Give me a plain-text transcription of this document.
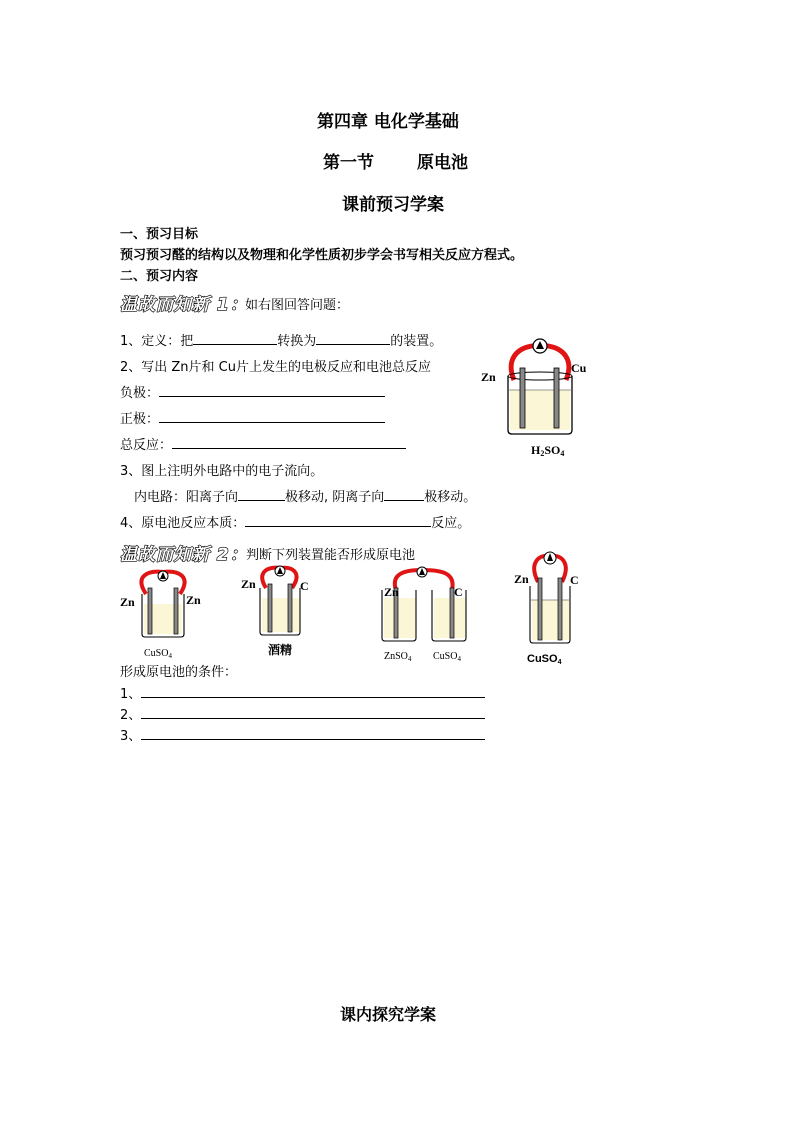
第四章 电化学基础
第一节	原电池
课前预习学案
一、预习目标
预习预习醛的结构以及物理和化学性质初步学会书写相关反应方程式。
二、预习内容
温故而知新 1：
如右图回答问题：
1、定义：把	转换为	的装置。
2、写出 Zn片和 Cu片上发生的电极反应和电池总反应
负极：
正极：
总反应：
3、图上注明外电路中的电子流向。
内电路：阳离子向	极移动, 阴离子向	极移动。
4、原电池反应本质：	反应。
Zn
Cu
H2SO4
温故而知新 2：
判断下列装置能否形成原电池
Zn	Zn
CuSO$_4$
Zn	C
酒精
Zn	C
ZnSO$_4$ CuSO$_4$
Zn	C
CuSO4
形成原电池的条件：
1、
2、
3、
课内探究学案
